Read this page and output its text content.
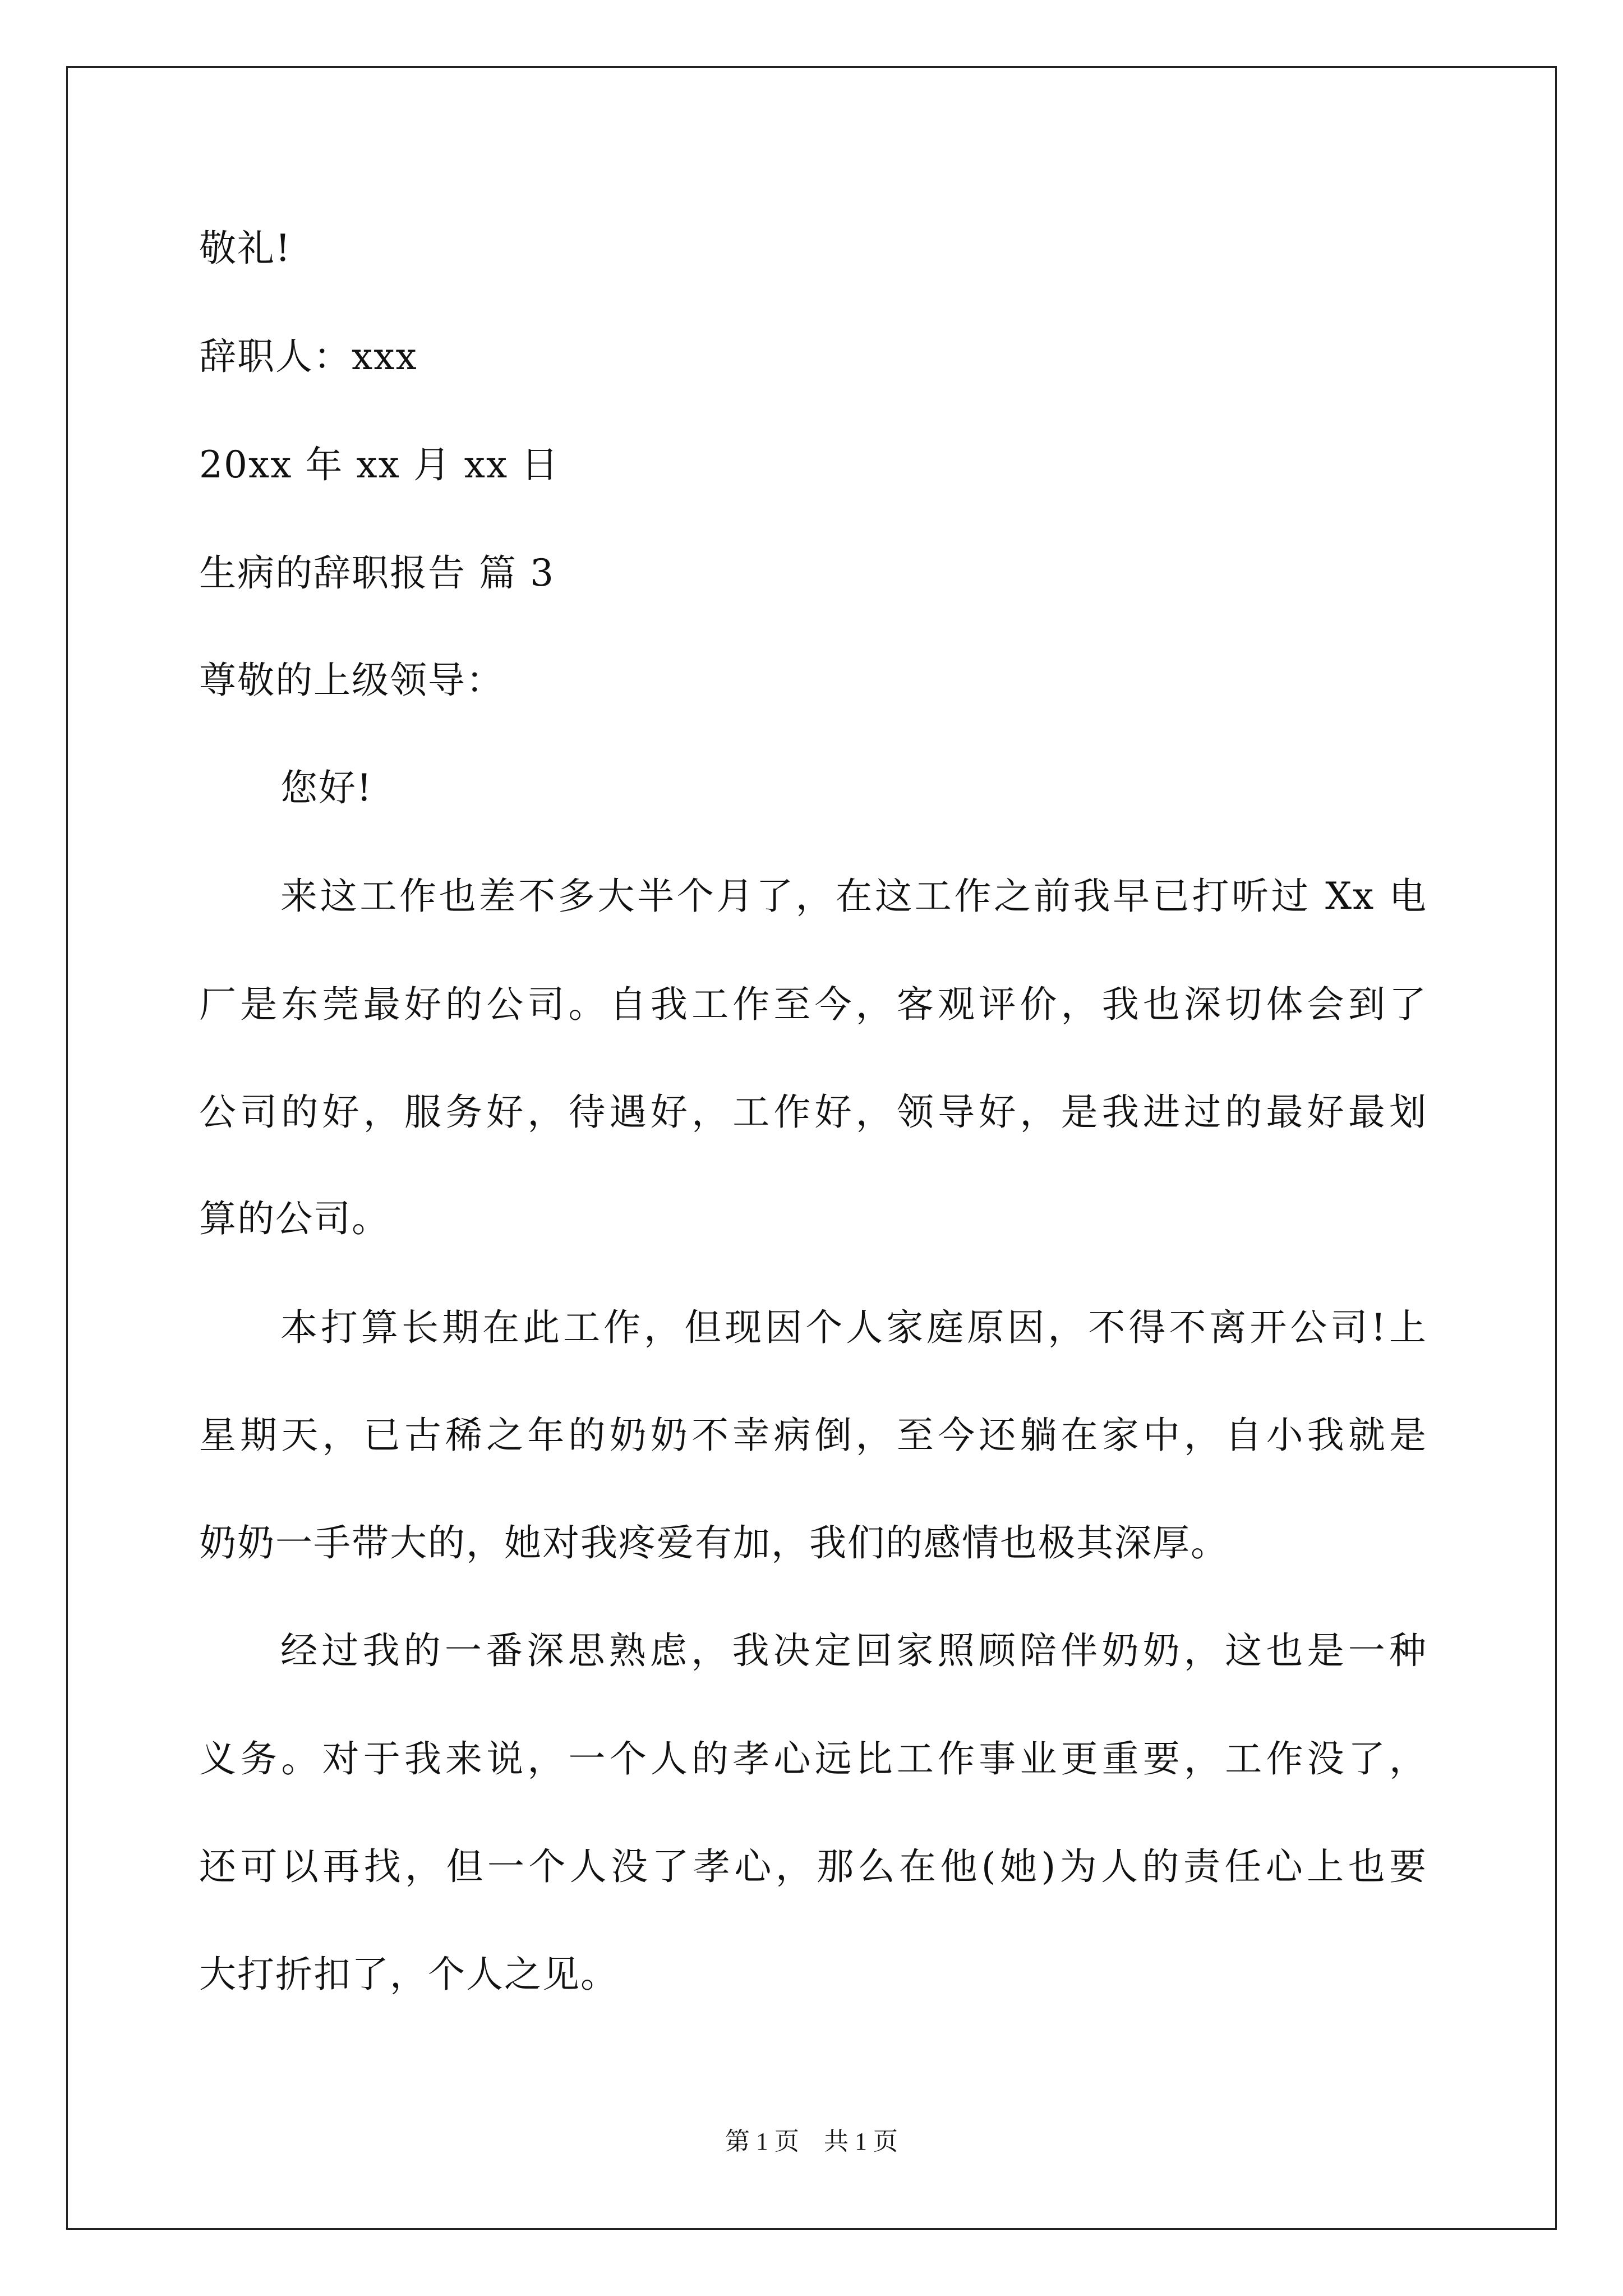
敬礼!
辞职人：xxx
20xx 年 xx 月 xx 日
生病的辞职报告 篇 3
尊敬的上级领导：
您好!
来这工作也差不多大半个月了，在这工作之前我早已打听过 Xx 电
厂是东莞最好的公司。自我工作至今，客观评价，我也深切体会到了
公司的好，服务好，待遇好，工作好，领导好，是我进过的最好最划
算的公司。
本打算长期在此工作，但现因个人家庭原因，不得不离开公司!上
星期天，已古稀之年的奶奶不幸病倒，至今还躺在家中，自小我就是
奶奶一手带大的，她对我疼爱有加，我们的感情也极其深厚。
经过我的一番深思熟虑，我决定回家照顾陪伴奶奶，这也是一种
义务。对于我来说，一个人的孝心远比工作事业更重要，工作没了，
还可以再找，但一个人没了孝心，那么在他(她)为人的责任心上也要
大打折扣了，个人之见。
第 1 页　共 1 页
